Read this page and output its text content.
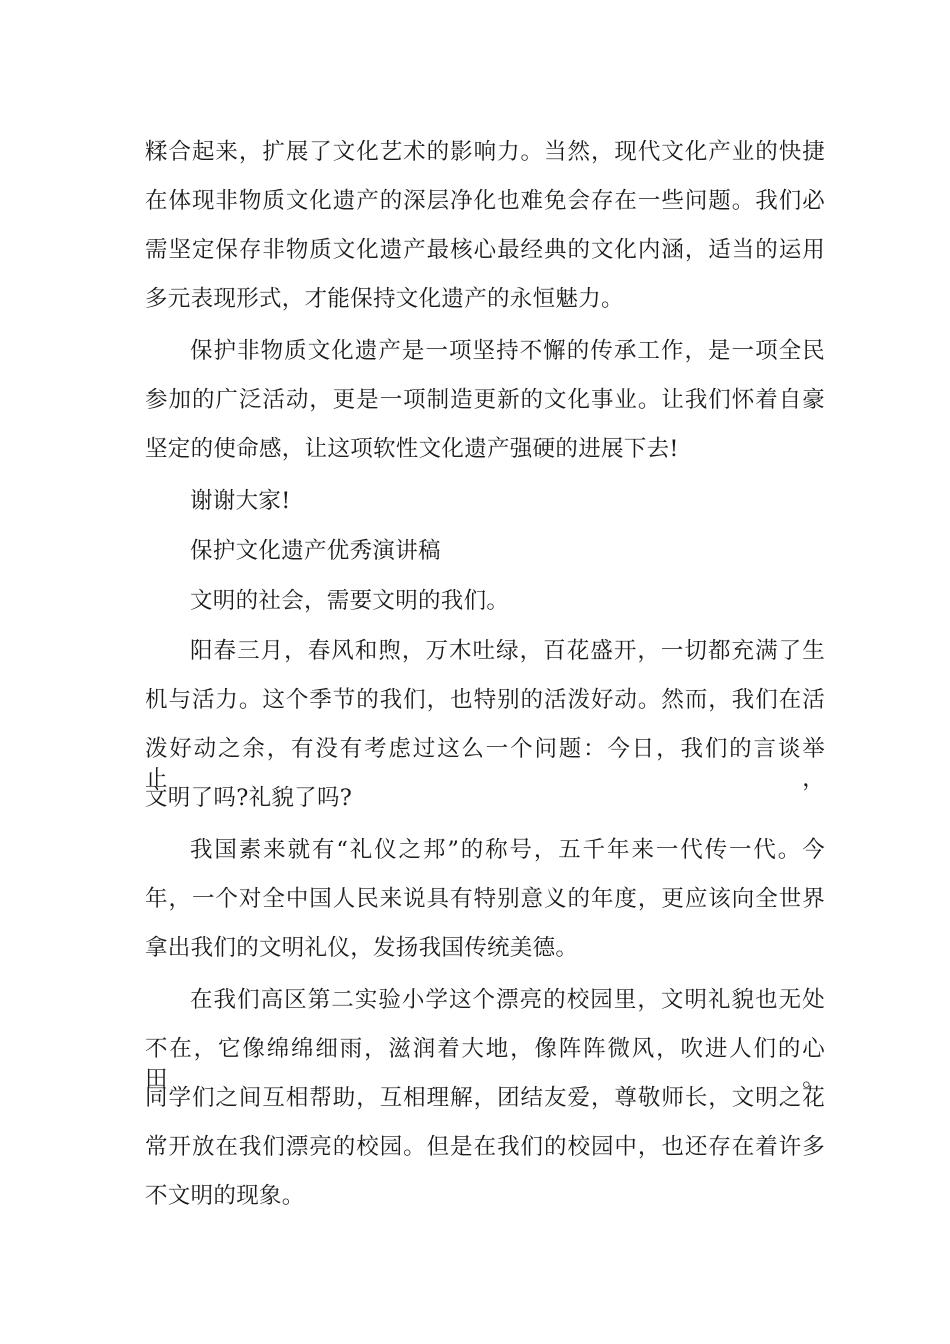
糅合起来，扩展了文化艺术的影响力。当然，现代文化产业的快捷

在体现非物质文化遗产的深层净化也难免会存在一些问题。我们必

需坚定保存非物质文化遗产最核心最经典的文化内涵，适当的运用

多元表现形式，才能保持文化遗产的永恒魅力。

保护非物质文化遗产是一项坚持不懈的传承工作，是一项全民

参加的广泛活动，更是一项制造更新的文化事业。让我们怀着自豪

坚定的使命感，让这项软性文化遗产强硬的进展下去!

谢谢大家!

保护文化遗产优秀演讲稿

文明的社会，需要文明的我们。

阳春三月，春风和煦，万木吐绿，百花盛开，一切都充满了生

机与活力。这个季节的我们，也特别的活泼好动。然而，我们在活

泼好动之余，有没有考虑过这么一个问题：今日，我们的言谈举止，

文明了吗?礼貌了吗?

我国素来就有“礼仪之邦”的称号，五千年来一代传一代。今

年，一个对全中国人民来说具有特别意义的年度，更应该向全世界

拿出我们的文明礼仪，发扬我国传统美德。

在我们高区第二实验小学这个漂亮的校园里，文明礼貌也无处

不在，它像绵绵细雨，滋润着大地，像阵阵微风，吹进人们的心田。

同学们之间互相帮助，互相理解，团结友爱，尊敬师长，文明之花

常开放在我们漂亮的校园。但是在我们的校园中，也还存在着许多

不文明的现象。
